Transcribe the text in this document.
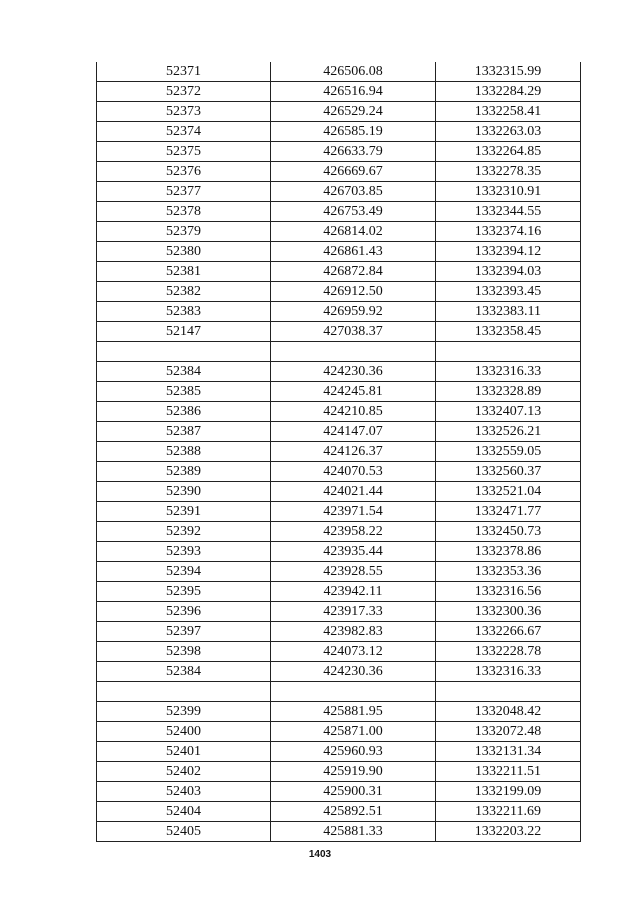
52371	426506.08	1332315.99
52372	426516.94	1332284.29
52373	426529.24	1332258.41
52374	426585.19	1332263.03
52375	426633.79	1332264.85
52376	426669.67	1332278.35
52377	426703.85	1332310.91
52378	426753.49	1332344.55
52379	426814.02	1332374.16
52380	426861.43	1332394.12
52381	426872.84	1332394.03
52382	426912.50	1332393.45
52383	426959.92	1332383.11
52147	427038.37	1332358.45

52384	424230.36	1332316.33
52385	424245.81	1332328.89
52386	424210.85	1332407.13
52387	424147.07	1332526.21
52388	424126.37	1332559.05
52389	424070.53	1332560.37
52390	424021.44	1332521.04
52391	423971.54	1332471.77
52392	423958.22	1332450.73
52393	423935.44	1332378.86
52394	423928.55	1332353.36
52395	423942.11	1332316.56
52396	423917.33	1332300.36
52397	423982.83	1332266.67
52398	424073.12	1332228.78
52384	424230.36	1332316.33

52399	425881.95	1332048.42
52400	425871.00	1332072.48
52401	425960.93	1332131.34
52402	425919.90	1332211.51
52403	425900.31	1332199.09
52404	425892.51	1332211.69
52405	425881.33	1332203.22
1403
